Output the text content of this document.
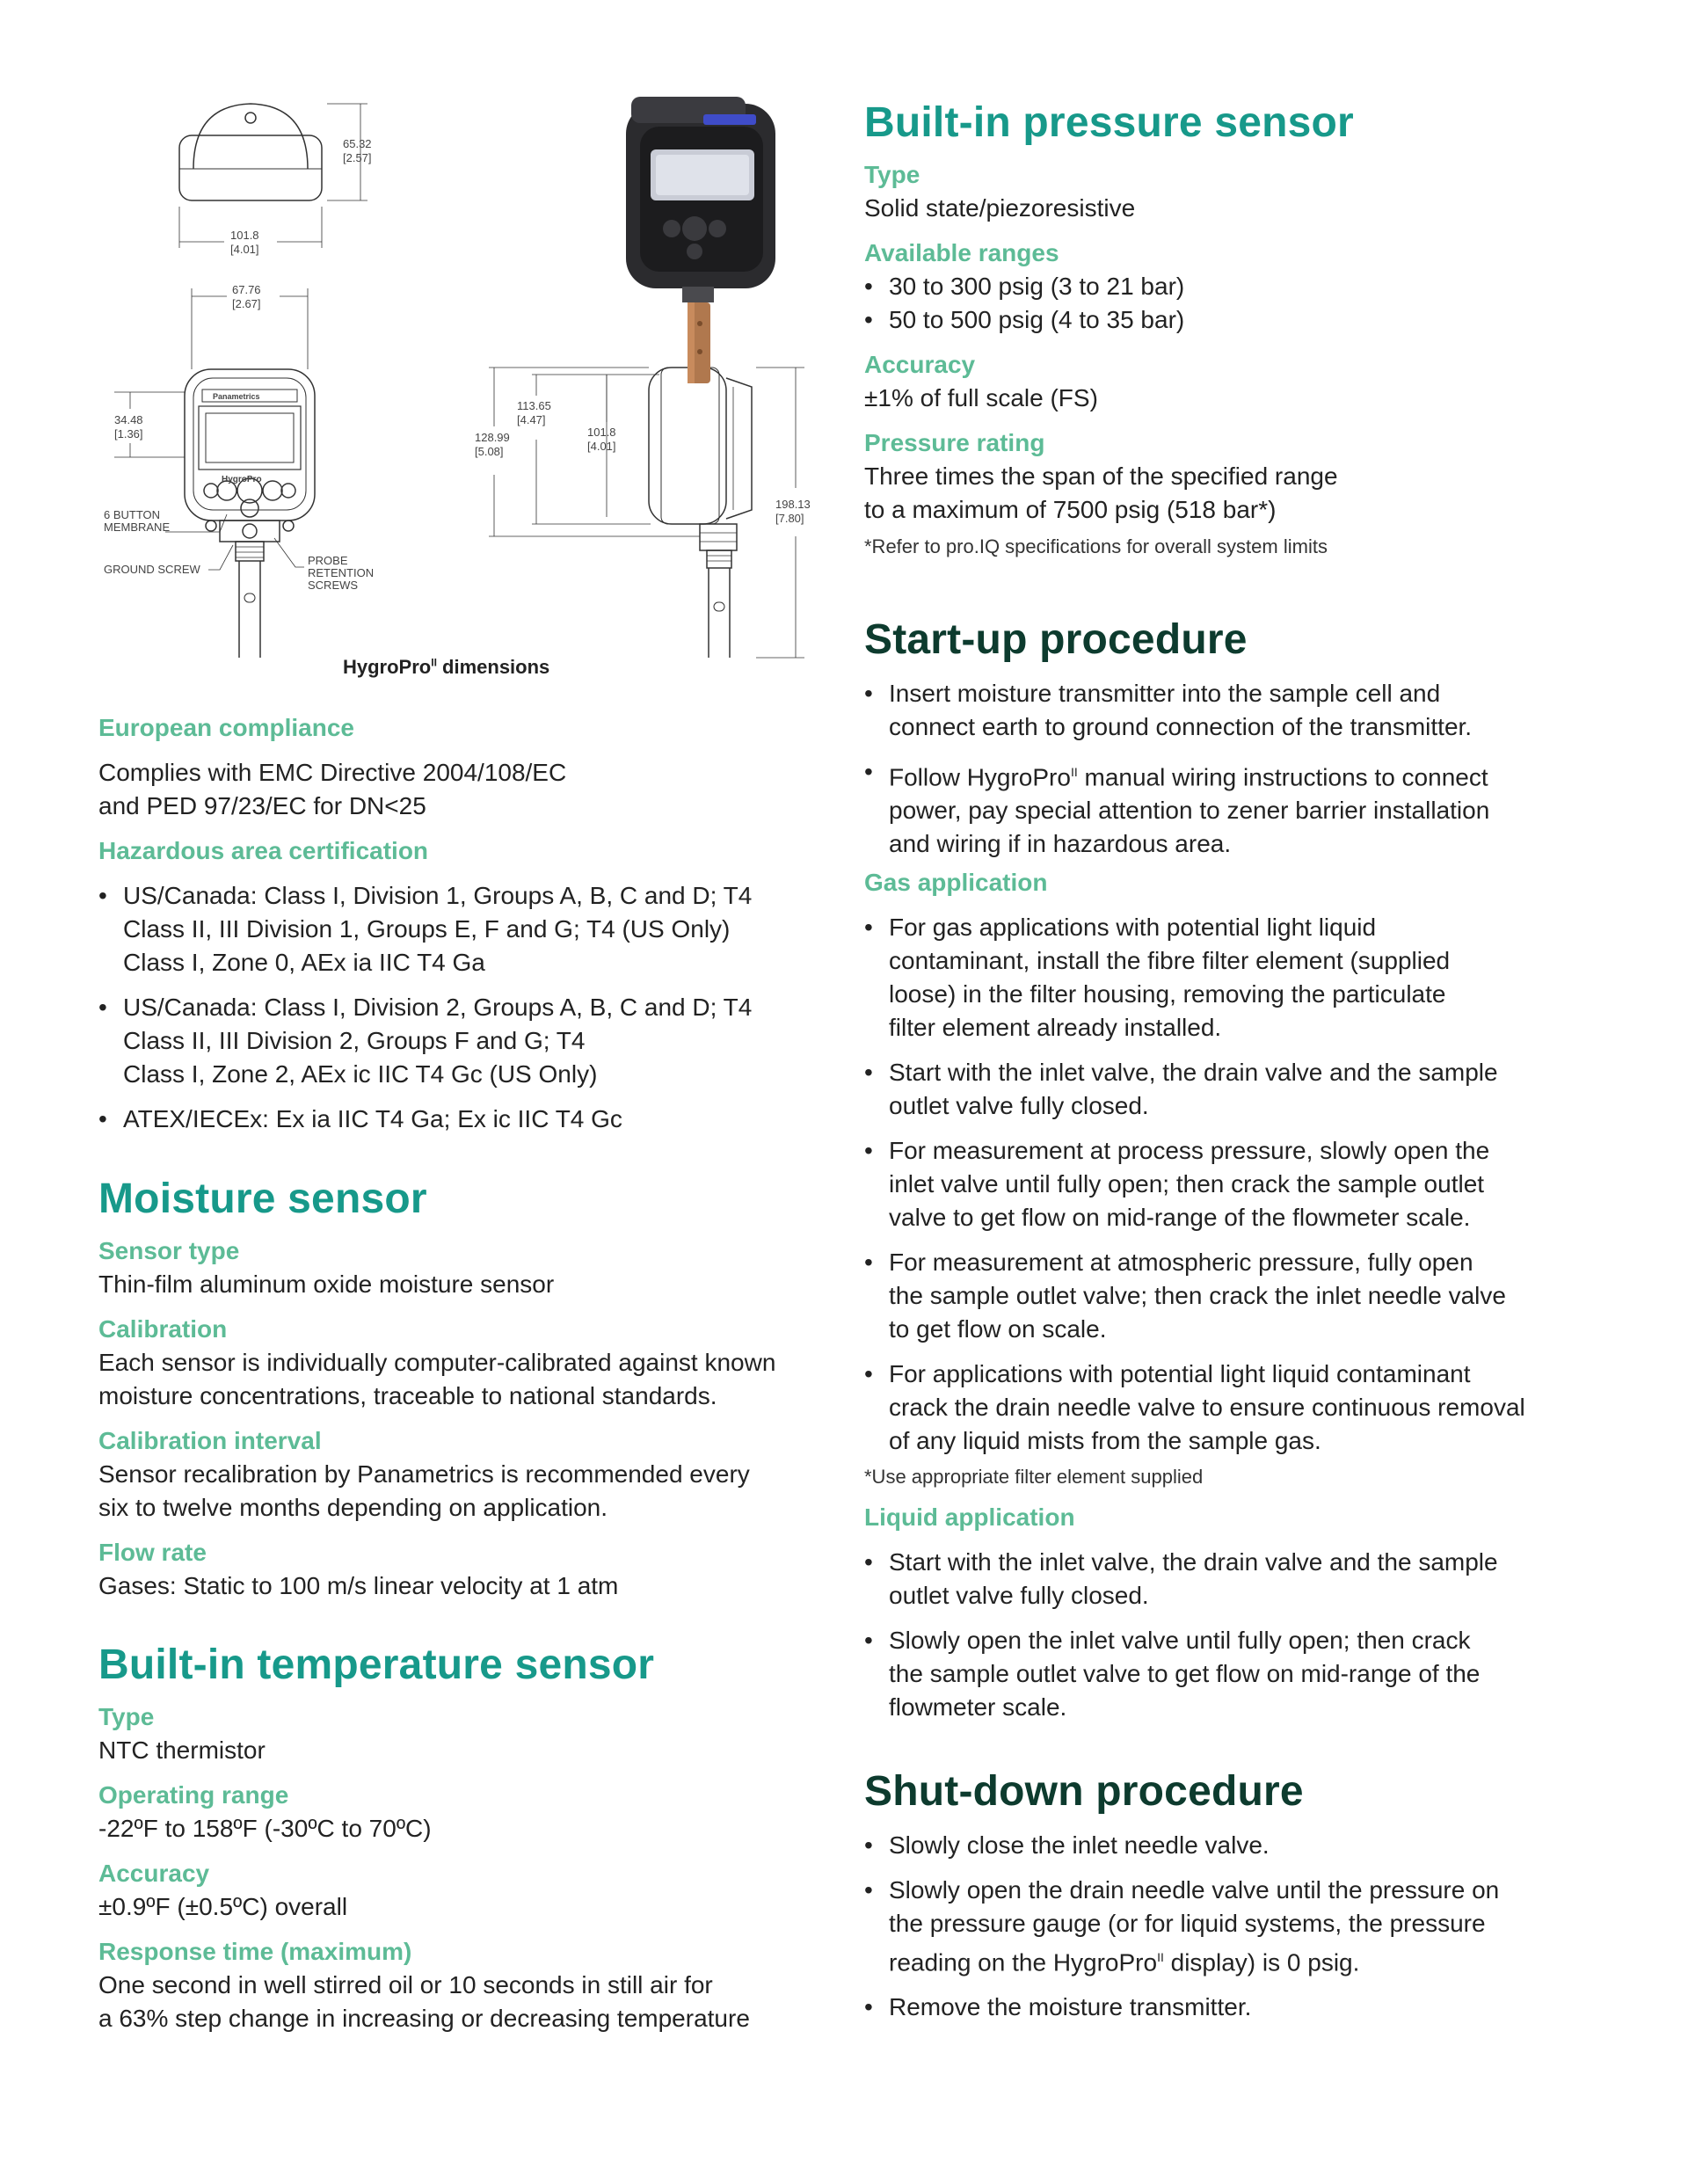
Panametrics
HygroPro
65.32
[2.57]
101.8
[4.01]
67.76
[2.67]
34.48
[1.36]	128.99
[5.08]
113.65
[4.47]
101.8
[4.01]
198.13
[7.80]
6 BUTTON
MEMBRANE
GROUND SCREW
PROBE
RETENTION
SCREWS
HygroPro$^{II}$ dimensions

European compliance

Complies with EMC Directive 2004/108/EC
and PED 97/23/EC for DN<25

Hazardous area certification

• US/Canada: Class I, Division 1, Groups A, B, C and D; T4
Class II, III Division 1, Groups E, F and G; T4 (US Only)
Class I, Zone 0, AEx ia IIC T4 Ga
• US/Canada: Class I, Division 2, Groups A, B, C and D; T4
Class II, III Division 2, Groups F and G; T4
Class I, Zone 2, AEx ic IIC T4 Gc (US Only)
• ATEX/IECEx: Ex ia IIC T4 Ga; Ex ic IIC T4 Gc
Moisture sensor

Sensor type

Thin-film aluminum oxide moisture sensor

Calibration

Each sensor is individually computer-calibrated against known
moisture concentrations, traceable to national standards.

Calibration interval

Sensor recalibration by Panametrics is recommended every
six to twelve months depending on application.

Flow rate

Gases: Static to 100 m/s linear velocity at 1 atm

Built-in temperature sensor

Type

NTC thermistor

Operating range

-22ºF to 158ºF (-30ºC to 70ºC)

Accuracy

±0.9ºF (±0.5ºC) overall

Response time (maximum)

One second in well stirred oil or 10 seconds in still air for
a 63% step change in increasing or decreasing temperature

Built-in pressure sensor

Type

Solid state/piezoresistive

Available ranges

• 30 to 300 psig (3 to 21 bar)
• 50 to 500 psig (4 to 35 bar)

Accuracy

±1% of full scale (FS)

Pressure rating

Three times the span of the specified range
to a maximum of 7500 psig (518 bar*)

*Refer to pro.IQ specifications for overall system limits

Start-up procedure
• Insert moisture transmitter into the sample cell and
connect earth to ground connection of the transmitter.
• Follow HygroPro$^{II}$ manual wiring instructions to connect
power, pay special attention to zener barrier installation
and wiring if in hazardous area.

Gas application

• For gas applications with potential light liquid
contaminant, install the fibre filter element (supplied
loose) in the filter housing, removing the particulate
filter element already installed.
• Start with the inlet valve, the drain valve and the sample
outlet valve fully closed.
• For measurement at process pressure, slowly open the
inlet valve until fully open; then crack the sample outlet
valve to get flow on mid-range of the flowmeter scale.
• For measurement at atmospheric pressure, fully open
the sample outlet valve; then crack the inlet needle valve
to get flow on scale.
• For applications with potential light liquid contaminant
crack the drain needle valve to ensure continuous removal
of any liquid mists from the sample gas.

*Use appropriate filter element supplied

Liquid application

• Start with the inlet valve, the drain valve and the sample
outlet valve fully closed.
• Slowly open the inlet valve until fully open; then crack
the sample outlet valve to get flow on mid-range of the
flowmeter scale.
Shut-down procedure
• Slowly close the inlet needle valve.
• Slowly open the drain needle valve until the pressure on
the pressure gauge (or for liquid systems, the pressure
reading on the HygroPro$^{II}$ display) is 0 psig.
• Remove the moisture transmitter.
